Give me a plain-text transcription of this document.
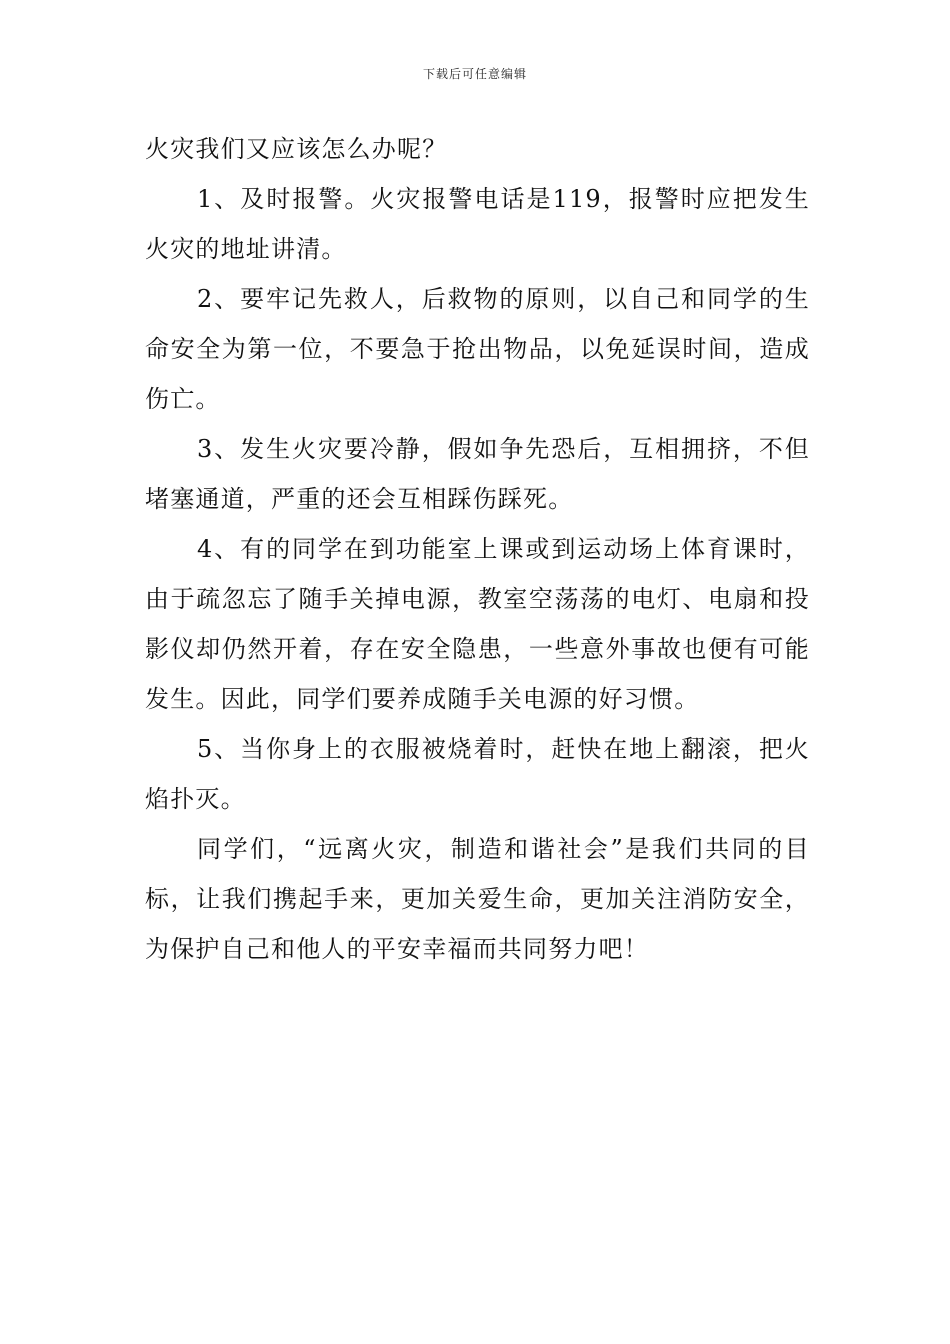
下载后可任意编辑

火灾我们又应该怎么办呢？

1、及时报警。火灾报警电话是119，报警时应把发生火灾的地址讲清。

2、要牢记先救人，后救物的原则，以自己和同学的生命安全为第一位，不要急于抢出物品，以免延误时间，造成伤亡。

3、发生火灾要冷静，假如争先恐后，互相拥挤，不但堵塞通道，严重的还会互相踩伤踩死。

4、有的同学在到功能室上课或到运动场上体育课时，由于疏忽忘了随手关掉电源，教室空荡荡的电灯、电扇和投影仪却仍然开着，存在安全隐患，一些意外事故也便有可能发生。因此，同学们要养成随手关电源的好习惯。

5、当你身上的衣服被烧着时，赶快在地上翻滚，把火焰扑灭。

同学们，“远离火灾，制造和谐社会”是我们共同的目标，让我们携起手来，更加关爱生命，更加关注消防安全，为保护自己和他人的平安幸福而共同努力吧！
